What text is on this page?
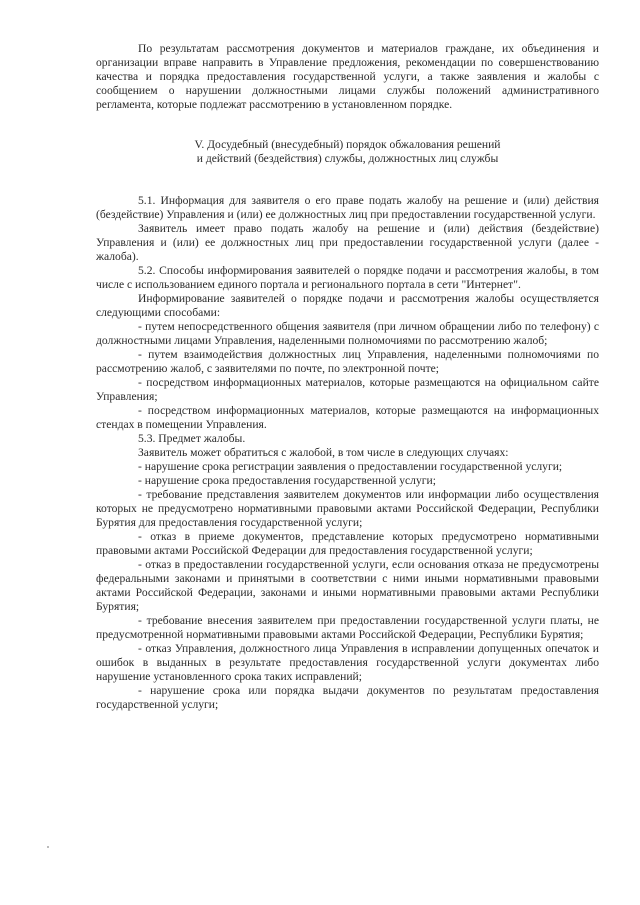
По результатам рассмотрения документов и материалов граждане, их объединения и организации вправе направить в Управление предложения, рекомендации по совершенствованию качества и порядка предоставления государственной услуги, а также заявления и жалобы с сообщением о нарушении должностными лицами службы положений административного регламента, которые подлежат рассмотрению в установленном порядке.

V. Досудебный (внесудебный) порядок обжалования решений
и действий (бездействия) службы, должностных лиц службы

5.1. Информация для заявителя о его праве подать жалобу на решение и (или) действия (бездействие) Управления и (или) ее должностных лиц при предоставлении государственной услуги.

Заявитель имеет право подать жалобу на решение и (или) действия (бездействие) Управления и (или) ее должностных лиц при предоставлении государственной услуги (далее - жалоба).

5.2. Способы информирования заявителей о порядке подачи и рассмотрения жалобы, в том числе с использованием единого портала и регионального портала в сети "Интернет".

Информирование заявителей о порядке подачи и рассмотрения жалобы осуществляется следующими способами:

- путем непосредственного общения заявителя (при личном обращении либо по телефону) с должностными лицами Управления, наделенными полномочиями по рассмотрению жалоб;

- путем взаимодействия должностных лиц Управления, наделенными полномочиями по рассмотрению жалоб, с заявителями по почте, по электронной почте;

- посредством информационных материалов, которые размещаются на официальном сайте Управления;

- посредством информационных материалов, которые размещаются на информационных стендах в помещении Управления.

5.3. Предмет жалобы.

Заявитель может обратиться с жалобой, в том числе в следующих случаях:

- нарушение срока регистрации заявления о предоставлении государственной услуги;

- нарушение срока предоставления государственной услуги;

- требование представления заявителем документов или информации либо осуществления которых не предусмотрено нормативными правовыми актами Российской Федерации, Республики Бурятия для предоставления государственной услуги;

- отказ в приеме документов, представление которых предусмотрено нормативными правовыми актами Российской Федерации для предоставления государственной услуги;

- отказ в предоставлении государственной услуги, если основания отказа не предусмотрены федеральными законами и принятыми в соответствии с ними иными нормативными правовыми актами Российской Федерации, законами и иными нормативными правовыми актами Республики Бурятия;

- требование внесения заявителем при предоставлении государственной услуги платы, не предусмотренной нормативными правовыми актами Российской Федерации, Республики Бурятия;

- отказ Управления, должностного лица Управления в исправлении допущенных опечаток и ошибок в выданных в результате предоставления государственной услуги документах либо нарушение установленного срока таких исправлений;

- нарушение срока или порядка выдачи документов по результатам предоставления государственной услуги;
